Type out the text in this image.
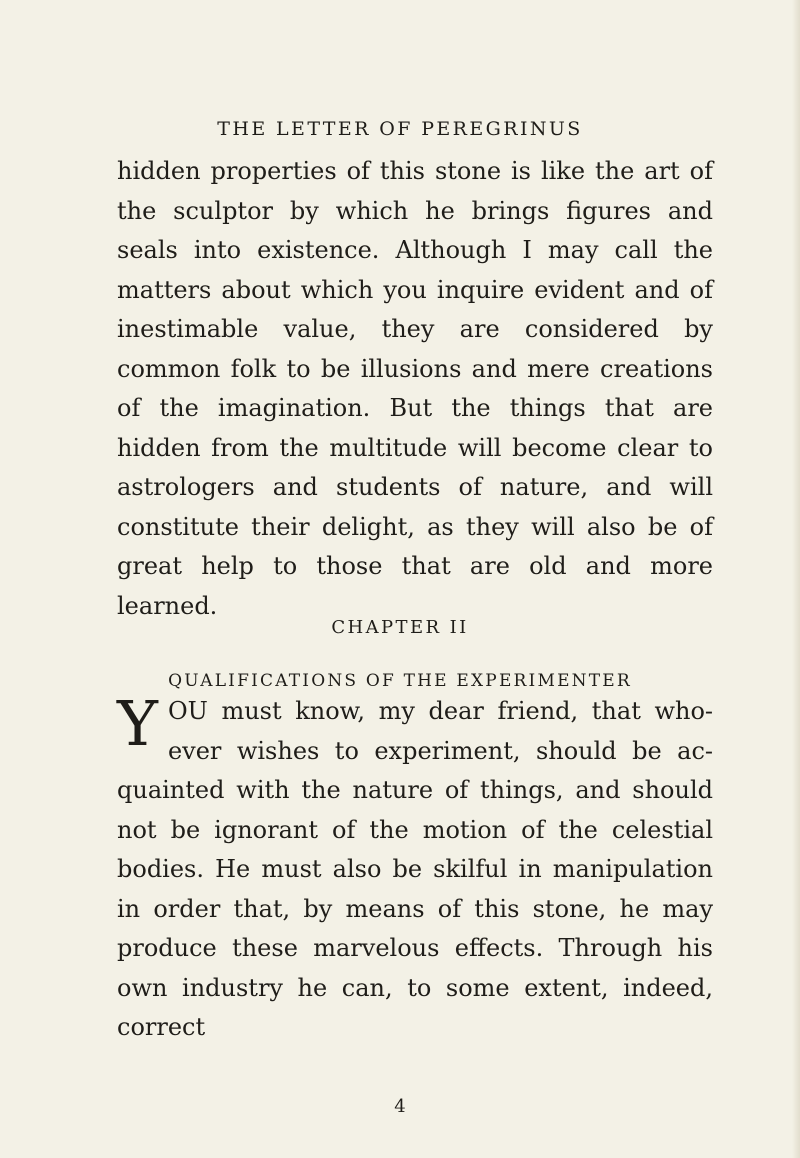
THE LETTER OF PEREGRINUS
hidden properties of this stone is like the art of the sculptor by which he brings figures and seals into existence. Although I may call the matters about which you inquire evident and of inestimable value, they are considered by common folk to be illusions and mere creations of the imagination. But the things that are hidden from the multitude will become clear to astrologers and students of nature, and will constitute their delight, as they will also be of great help to those that are old and more learned.
CHAPTER II
QUALIFICATIONS OF THE EXPERIMENTER
YOU must know, my dear friend, that whoever wishes to experiment, should be acquainted with the nature of things, and should not be ignorant of the motion of the celestial bodies. He must also be skilful in manipulation in order that, by means of this stone, he may produce these marvelous effects. Through his own industry he can, to some extent, indeed, correct
4
